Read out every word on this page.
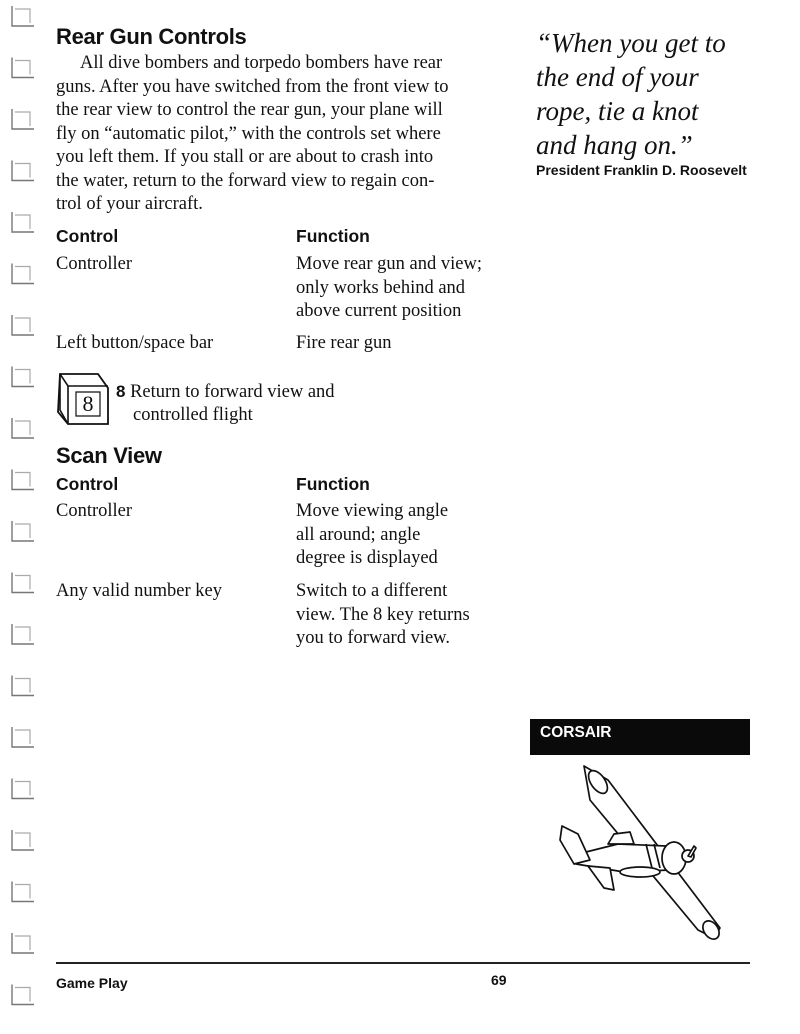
Rear Gun Controls
All dive bombers and torpedo bombers have rear
guns. After you have switched from the front view to
the rear view to control the rear gun, your plane will
fly on “automatic pilot,” with the controls set where
you left them. If you stall or are about to crash into
the water, return to the forward view to regain con-
trol of your aircraft.
Control	Function
Controller	Move rear gun and view;
only works behind and
above current position
Left button/space bar	Fire rear gun
8 8 Return to forward view and
controlled flight
Scan View
Control	Function
Controller	Move viewing angle
all around; angle
degree is displayed
Any valid number key	Switch to a different
view. The 8 key returns
you to forward view.
“When you get to
the end of your
rope, tie a knot
and hang on.”
President Franklin D. Roosevelt
CORSAIR
Game Play	69
